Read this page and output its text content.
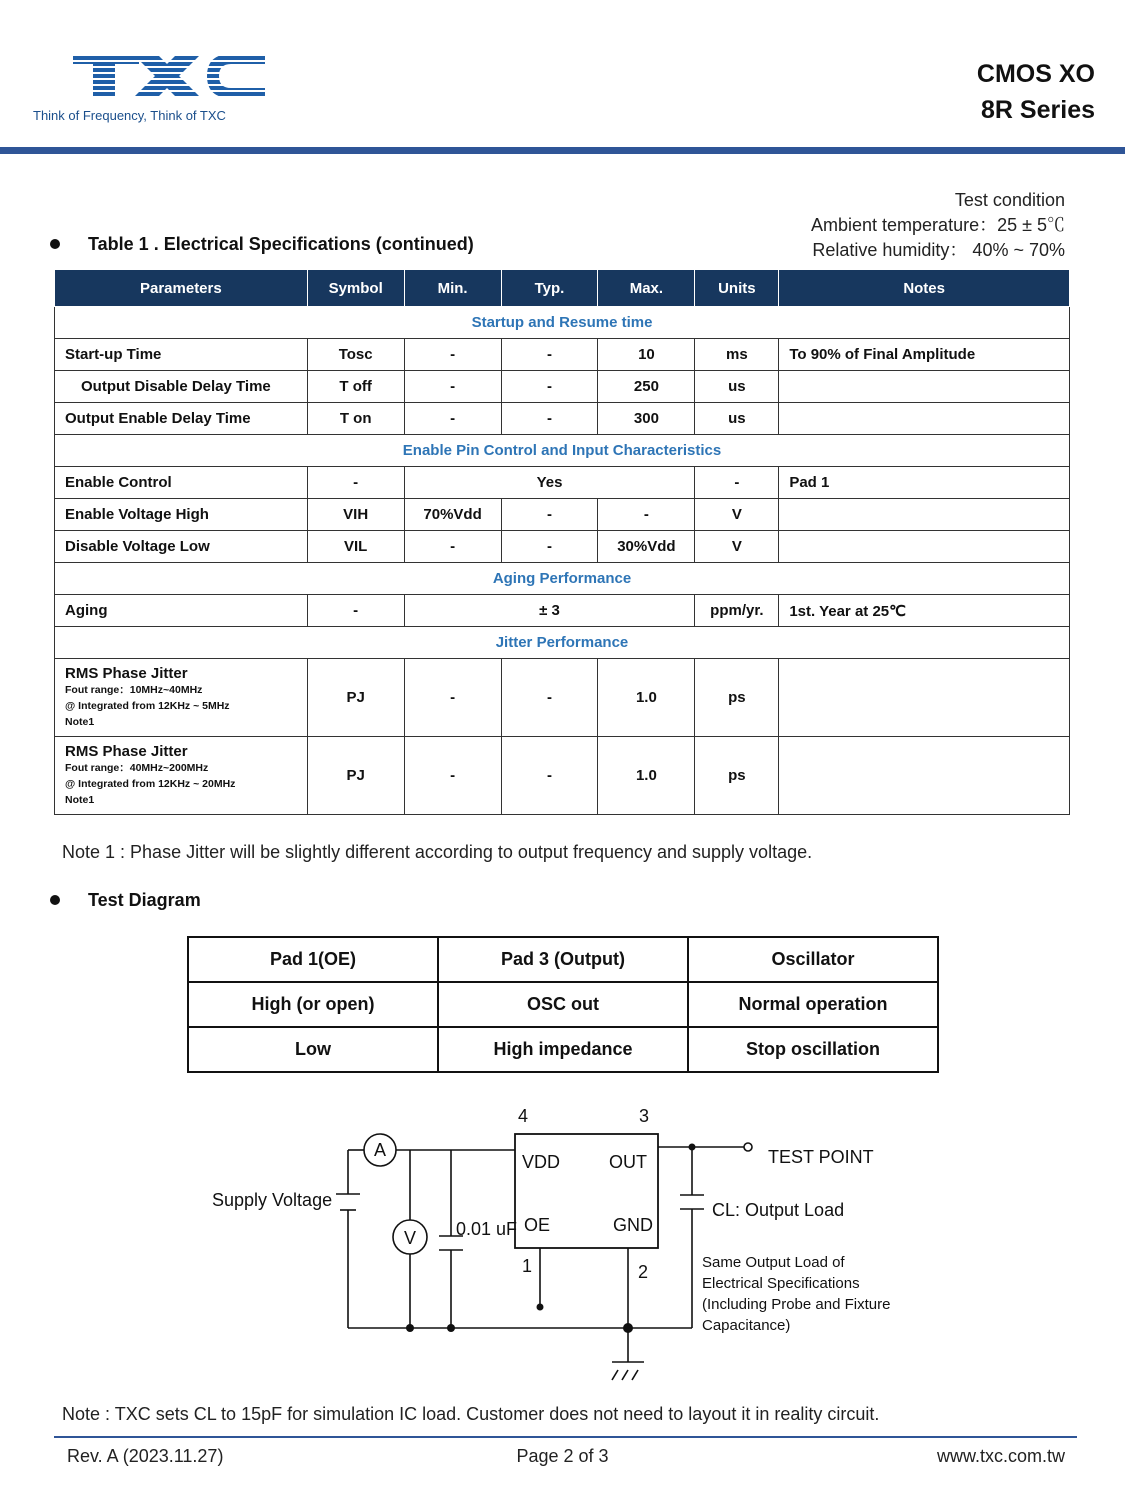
Think of Frequency, Think of TXC
CMOS XO
8R Series
Test condition
Ambient temperature：25 ± 5℃
Relative humidity： 40% ~ 70%
Table 1 . Electrical Specifications (continued)
Parameters	Symbol	Min.	Typ.	Max.	Units	Notes
Startup and Resume time						
Start-up Time	Tosc	-	-	10	ms	To 90% of Final Amplitude
Output Disable Delay Time	T off	-	-	250	us	
Output Enable Delay Time	T on	-	-	300	us	
Enable Pin Control and Input Characteristics						
Enable Control	-	Yes			-	Pad 1
Enable Voltage High	VIH	70%Vdd	-	-	V	
Disable Voltage Low	VIL	-	-	30%Vdd	V	
Aging Performance						
Aging	-	± 3			ppm/yr.	1st. Year at 25℃
Jitter Performance						

RMS Phase Jitter
Fout range：10MHz~40MHz
@ Integrated from 12KHz ~ 5MHz
Note1	PJ	-	-	1.0	ps	

RMS Phase Jitter
Fout range：40MHz~200MHz
@ Integrated from 12KHz ~ 20MHz
Note1	PJ	-	-	1.0	ps	
Note 1 : Phase Jitter will be slightly different according to output frequency and supply voltage.
Test Diagram
Pad 1(OE)	Pad 3 (Output)	Oscillator
High (or open)	OSC out	Normal operation
Low	High impedance	Stop oscillation
A
V
4	3
1	2
VDD	OUT
OE	GND
Supply Voltage
0.01 uF
TEST POINT
CL: Output Load
Same Output Load of
Electrical Specifications
(Including Probe and Fixture
Capacitance)
Note : TXC sets CL to 15pF for simulation IC load. Customer does not need to layout it in reality circuit.
Rev. A (2023.11.27)	Page 2 of 3	www.txc.com.tw
